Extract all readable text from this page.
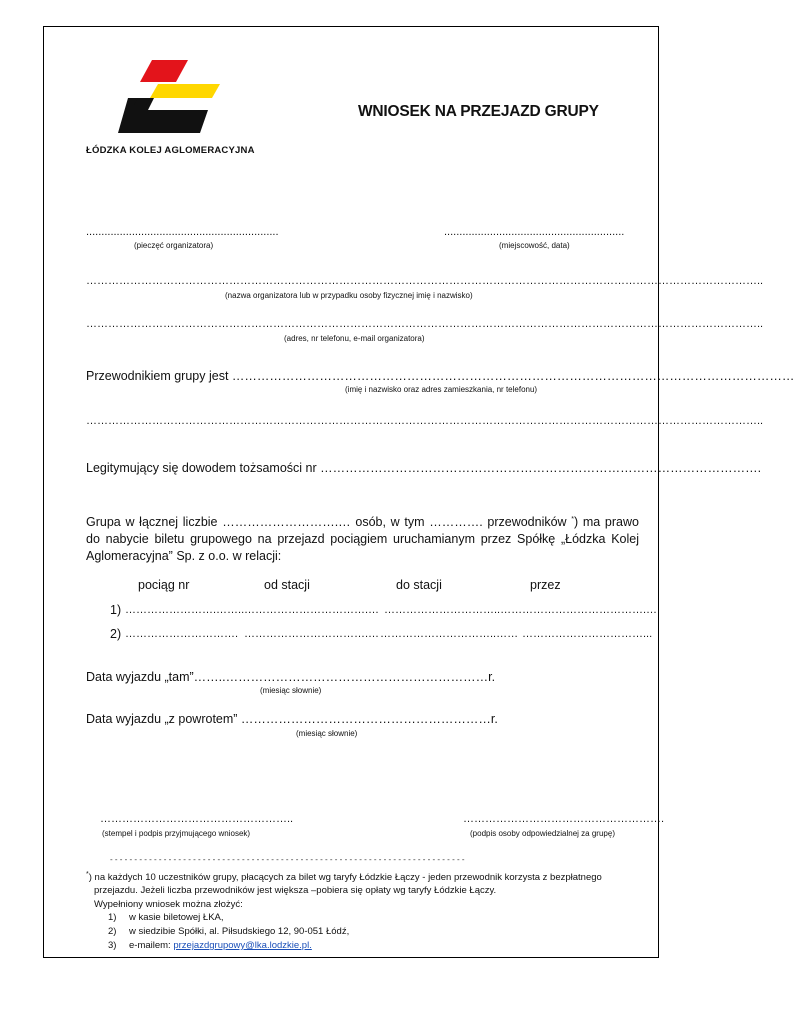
ŁÓDZKA KOLEJ AGLOMERACYJNA
WNIOSEK NA PRZEJAZD GRUPY
...............................................................
(pieczęć organizatora)
...........................................................
(miejscowość, data)
…………………………………………………………………………………………………………………………………………………………………..
(nazwa organizatora lub w przypadku osoby fizycznej imię i nazwisko)
…………………………………………………………………………………………………………………………………………………………………..
(adres, nr telefonu, e-mail organizatora)
Przewodnikiem grupy jest ………………………………………………………………………………………………………………………
(imię i nazwisko oraz adres zamieszkania, nr telefonu)
…………………………………………………………………………………………………………………………………………………………………..
Legitymujący się dowodem tożsamości nr …………………………………………………………………………………………….
Grupa w łącznej liczbie ……………………….… osób, w tym …………. przewodników *) ma prawo do nabycie biletu grupowego na przejazd pociągiem uruchamianym przez Spółkę „Łódzka Kolej Aglomeracyjna” Sp. z o.o. w relacji:
pociąg nr	od stacji	do stacji	przez
1) …………………….…….. …………………………….… …………………………..…… …………………………….…
2) …………………………. …………………………….… …………………………..…… ……………………………...
Data wyjazdu „tam”……..………………………………………………………r.
(miesiąc słownie)
Data wyjazdu „z powrotem” ……………………………………………………r.
(miesiąc słownie)
……………………………………………..
(stempel i podpis przyjmującego wniosek)
……………………………………………….
(podpis osoby odpowiedzialnej za grupę)
- - - - - - - - - - - - - - - - - - - - - - - - - - - - - - - - - - - - - - - - - - - - - - - - - - - - - - - - - - - - - - - - - - - - - - - - -
*) na każdych 10 uczestników grupy, płacących za bilet wg taryfy Łódzkie Łączy - jeden przewodnik korzysta z bezpłatnego
przejazdu. Jeżeli liczba przewodników jest większa –pobiera się opłaty wg taryfy Łódzkie Łączy.
Wypełniony wniosek można złożyć:
1) w kasie biletowej ŁKA,
2) w siedzibie Spółki, al. Piłsudskiego 12, 90-051 Łódź,
3) e-mailem: przejazdgrupowy@lka.lodzkie.pl.
